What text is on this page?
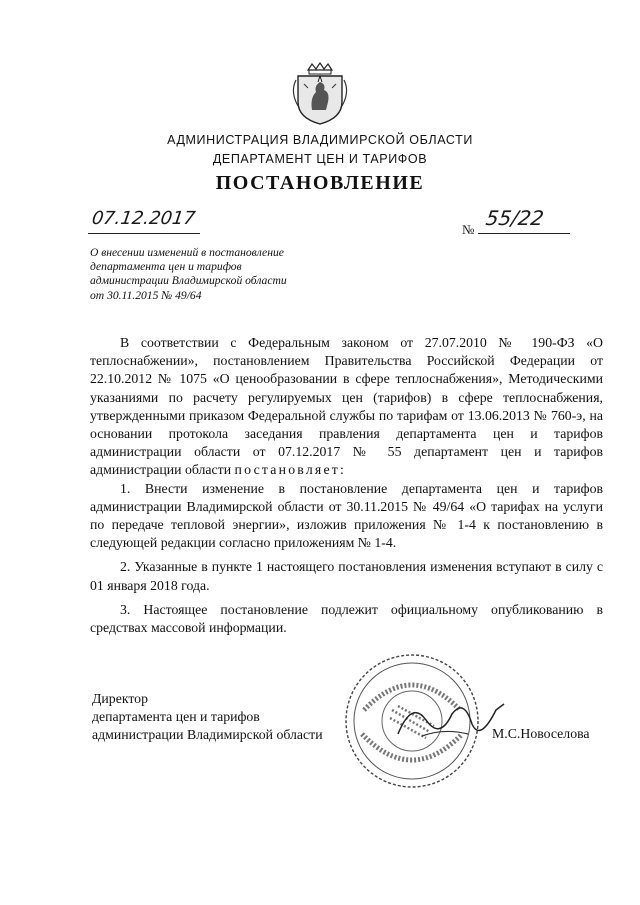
АДМИНИСТРАЦИЯ ВЛАДИМИРСКОЙ ОБЛАСТИ
ДЕПАРТАМЕНТ ЦЕН И ТАРИФОВ
ПОСТАНОВЛЕНИЕ
07.12.2017
№ 55/22
О внесении изменений в постановление
департамента цен и тарифов
администрации Владимирской области
от 30.11.2015 № 49/64

В соответствии с Федеральным законом от 27.07.2010 № 190-ФЗ «О теплоснабжении», постановлением Правительства Российской Федерации от 22.10.2012 № 1075 «О ценообразовании в сфере теплоснабжения», Методическими указаниями по расчету регулируемых цен (тарифов) в сфере теплоснабжения, утвержденными приказом Федеральной службы по тарифам от 13.06.2013 № 760-э, на основании протокола заседания правления департамента цен и тарифов администрации области от 07.12.2017 № 55 департамент цен и тарифов администрации области постановляет:

1. Внести изменение в постановление департамента цен и тарифов администрации Владимирской области от 30.11.2015 № 49/64 «О тарифах на услуги по передаче тепловой энергии», изложив приложения № 1-4 к постановлению в следующей редакции согласно приложениям № 1-4.

2. Указанные в пункте 1 настоящего постановления изменения вступают в силу с 01 января 2018 года.

3. Настоящее постановление подлежит официальному опубликованию в средствах массовой информации.

Директор
департамента цен и тарифов
администрации Владимирской области	М.С.Новоселова
